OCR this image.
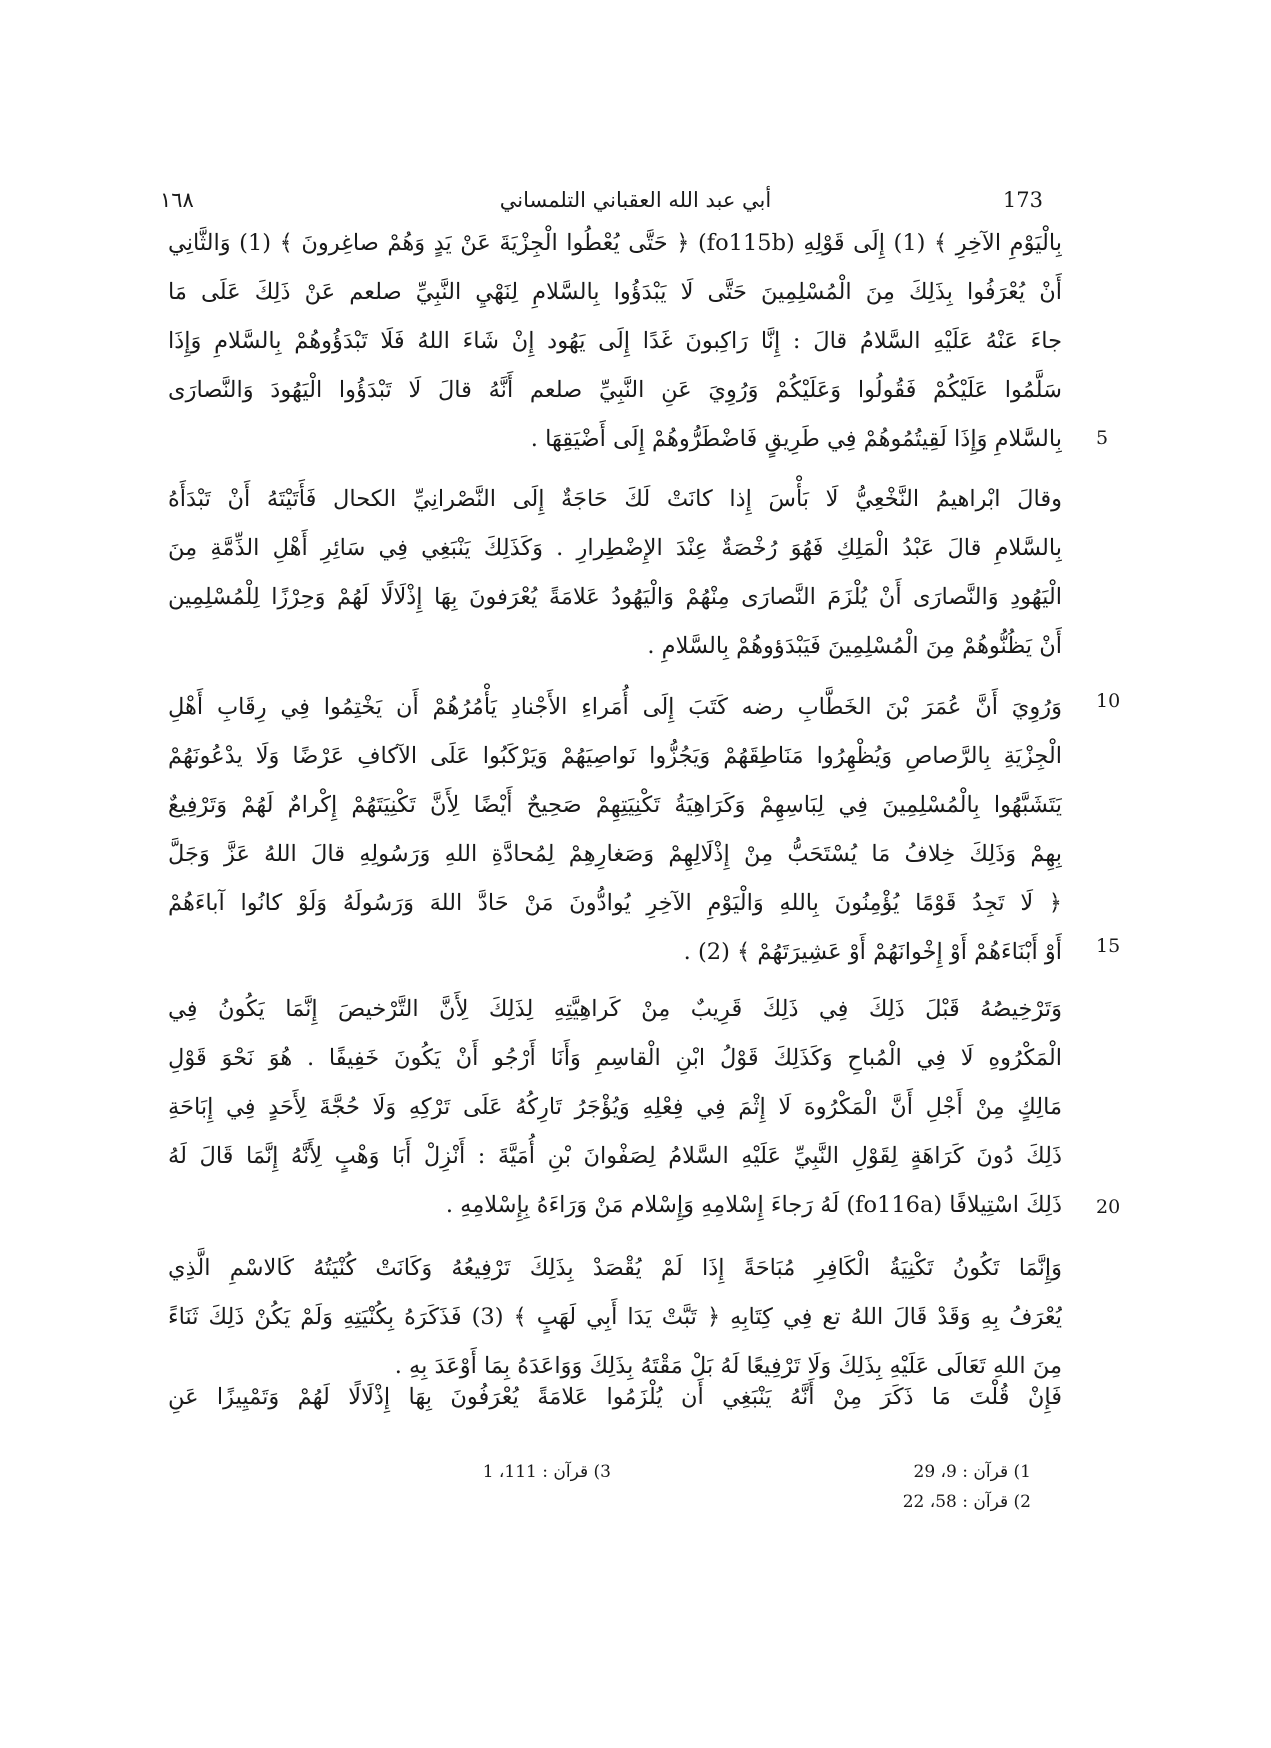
١٦٨	أبي عبد الله العقباني التلمساني	173
بِالْيَوْمِ الآخِرِ ﴾ (1) إِلَى قَوْلِهِ (fo115b) ﴿ حَتَّى يُعْطُوا الْجِزْيَةَ عَنْ يَدٍ وَهُمْ صاغِرونَ ﴾ (1) وَالثَّانِي
أَنْ يُعْرَفُوا بِذَلِكَ مِنَ الْمُسْلِمِينَ حَتَّى لَا يَبْدَؤُوا بِالسَّلامِ لِنَهْيِ النَّبِيِّ صلعم عَنْ ذَلِكَ عَلَى مَا
جاءَ عَنْهُ عَلَيْهِ السَّلامُ قالَ : إِنَّا رَاكِبونَ غَدًا إِلَى يَهُود إِنْ شَاءَ اللهُ فَلَا تَبْدَؤُوهُمْ بِالسَّلامِ وَإِذَا
سَلَّمُوا عَلَيْكُمْ فَقُولُوا وَعَلَيْكُمْ وَرُوِيَ عَنِ النَّبِيِّ صلعم أَنَّهُ قالَ لَا تَبْدَؤُوا الْيَهُودَ وَالنَّصارَى
بِالسَّلامِ وَإِذَا لَقِيتُمُوهُمْ فِي طَرِيقٍ فَاضْطَرُّوهُمْ إِلَى أَضْيَقِهَا . 5
وقالَ ابْراهيمُ النَّخْعِيُّ لَا بَأْسَ إِذا كانَتْ لَكَ حَاجَةٌ إِلَى النَّصْرانِيِّ الكحال فَأَتَيْتَهُ أَنْ تَبْدَأَهُ
بِالسَّلامِ قالَ عَبْدُ الْمَلِكِ فَهُوَ رُخْصَةٌ عِنْدَ الإِضْطِرارِ . وَكَذَلِكَ يَنْبَغِي فِي سَائِرِ أَهْلِ الذِّمَّةِ مِنَ
الْيَهُودِ وَالنَّصارَى أَنْ يُلْزَمَ النَّصارَى مِنْهُمْ وَالْيَهُودُ عَلامَةً يُعْرَفونَ بِهَا إِذْلَالًا لَهُمْ وَحِرْزًا لِلْمُسْلِمِين
أَنْ يَظُنُّوهُمْ مِنَ الْمُسْلِمِينَ فَيَبْدَؤوهُمْ بِالسَّلامِ .
وَرُوِيَ أَنَّ عُمَرَ بْنَ الخَطَّابِ رضه كَتَبَ إِلَى أُمَراءِ الأَجْنادِ يَأْمُرُهُمْ أَن يَخْتِمُوا فِي رِقَابِ أَهْلِ
الْجِزْيَةِ بِالرَّصاصِ وَيُظْهِرُوا مَنَاطِقَهُمْ وَيَجُزُّوا نَواصِيَهُمْ وَيَرْكَبُوا عَلَى الآكافِ عَرْضًا وَلَا يدْعُونَهُمْ
يَتَشَبَّهُوا بِالْمُسْلِمِينَ فِي لِبَاسِهِمْ وَكَرَاهِيَةُ تَكْنِيَتِهِمْ صَحِيحٌ أَيْضًا لِأَنَّ تَكْنِيَتَهُمْ إِكْرامٌ لَهُمْ وَتَرْفِيعٌ
بِهِمْ وَذَلِكَ خِلافُ مَا يُسْتَحَبُّ مِنْ إِذْلَالِهِمْ وَصَغارِهِمْ لِمُحادَّةِ اللهِ وَرَسُولِهِ قالَ اللهُ عَزَّ وَجَلَّ
﴿ لَا تَجِدُ قَوْمًا يُؤْمِنُونَ بِاللهِ وَالْيَوْمِ الآخِرِ يُوادُّونَ مَنْ حَادَّ اللهَ وَرَسُولَهُ وَلَوْ كانُوا آباءَهُمْ
أَوْ أَبْنَاءَهُمْ أَوْ إِخْوانَهُمْ أَوْ عَشِيرَتَهُمْ ﴾ (2) .
10
15
وَتَرْخِيصُهُ قَبْلَ ذَلِكَ فِي ذَلِكَ قَرِيبٌ مِنْ كَراهِيَّتِهِ لِذَلِكَ لِأَنَّ التَّرْخيصَ إِنَّمَا يَكُونُ فِي
الْمَكْرُوهِ لَا فِي الْمُباحِ وَكَذَلِكَ قَوْلُ ابْنِ الْقاسِمِ وَأَنَا أَرْجُو أَنْ يَكُونَ خَفِيفًا . هُوَ نَحْوَ قَوْلِ
مَالِكٍ مِنْ أَجْلِ أَنَّ الْمَكْرُوهَ لَا إِثْمَ فِي فِعْلِهِ وَيُؤْجَرُ تَارِكُهُ عَلَى تَرْكِهِ وَلَا حُجَّةَ لِأَحَدٍ فِي إِبَاحَةِ
ذَلِكَ دُونَ كَرَاهَةٍ لِقَوْلِ النَّبِيِّ عَلَيْهِ السَّلامُ لِصَفْوانَ بْنِ أُمَيَّةَ : أَنْزِلْ أَبَا وَهْبٍ لِأَنَّهُ إِنَّمَا قَالَ لَهُ
ذَلِكَ اسْتِيلافًا (fo116a) لَهُ رَجاءَ إِسْلامِهِ وَإِسْلام مَنْ وَرَاءَهُ بِإِسْلامِهِ . 20
وَإِنَّمَا تَكُونُ تَكْنِيَةُ الْكَافِرِ مُبَاحَةً إِذَا لَمْ يُقْصَدْ بِذَلِكَ تَرْفِيعُهُ وَكَانَتْ كُنْيَتُهُ كَالاسْمِ الَّذِي
يُعْرَفُ بِهِ وَقَدْ قَالَ اللهُ تع فِي كِتَابِهِ ﴿ تَبَّتْ يَدَا أَبِي لَهَبٍ ﴾ (3) فَذَكَرَهُ بِكُنْيَتِهِ وَلَمْ يَكُنْ ذَلِكَ ثَنَاءً
مِنَ اللهِ تَعَالَى عَلَيْهِ بِذَلِكَ وَلَا تَرْفِيعًا لَهُ بَلْ مَقْتَهُ بِذَلِكَ وَوَاعَدَهُ بِمَا أَوْعَدَ بِهِ .
فَإِنْ قُلْتَ مَا ذَكَرَ مِنْ أَنَّهُ يَنْبَغِي أَن يُلْزَمُوا عَلامَةً يُعْرَفُونَ بِهَا إِذْلَالًا لَهُمْ وَتَمْيِيزًا عَنِ
1) قرآن : 9، 29
2) قرآن : 58، 22
3) قرآن : 111، 1
